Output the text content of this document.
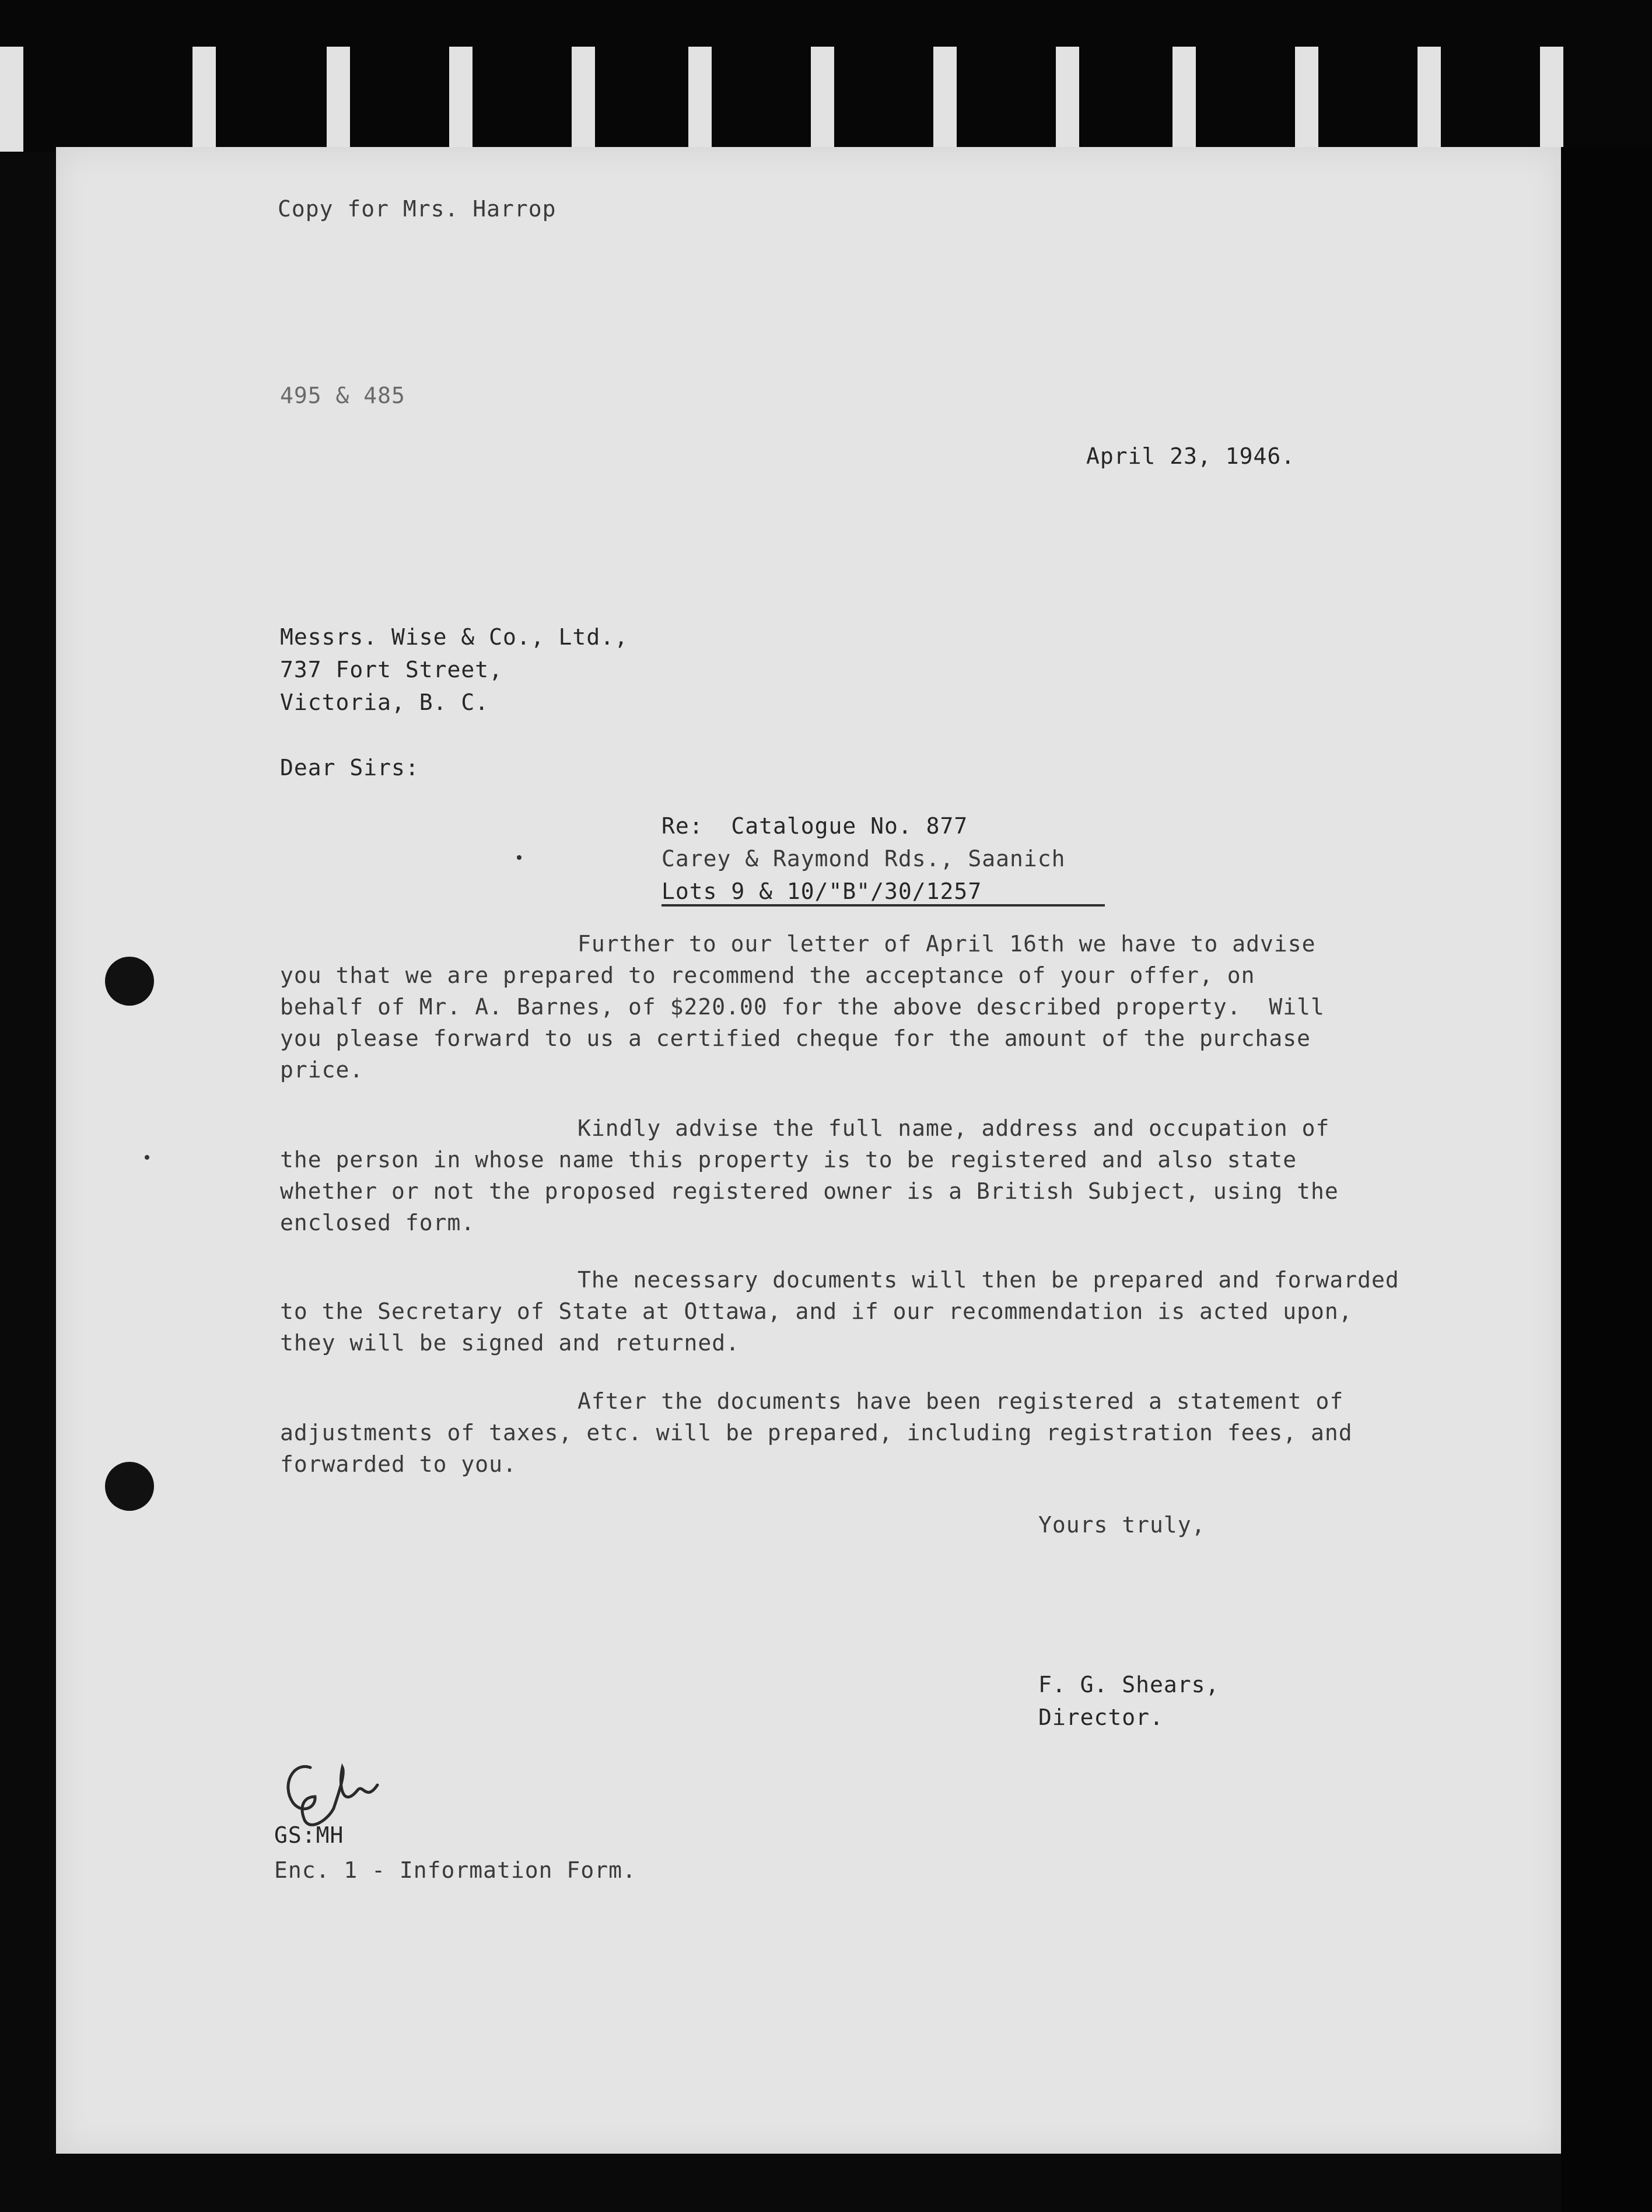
Copy for Mrs. Harrop
495 & 485
April 23, 1946.
Messrs. Wise & Co., Ltd.,
737 Fort Street,
Victoria, B. C.
Dear Sirs:
Re:  Catalogue No. 877
Carey & Raymond Rds., Saanich
Lots 9 & 10/"B"/30/1257
Further to our letter of April 16th we have to advise
you that we are prepared to recommend the acceptance of your offer, on
behalf of Mr. A. Barnes, of $220.00 for the above described property.  Will
you please forward to us a certified cheque for the amount of the purchase
price.
Kindly advise the full name, address and occupation of
the person in whose name this property is to be registered and also state
whether or not the proposed registered owner is a British Subject, using the
enclosed form.
The necessary documents will then be prepared and forwarded
to the Secretary of State at Ottawa, and if our recommendation is acted upon,
they will be signed and returned.
After the documents have been registered a statement of
adjustments of taxes, etc. will be prepared, including registration fees, and
forwarded to you.
Yours truly,
F. G. Shears,
Director.
GS:MH
Enc. 1 - Information Form.
